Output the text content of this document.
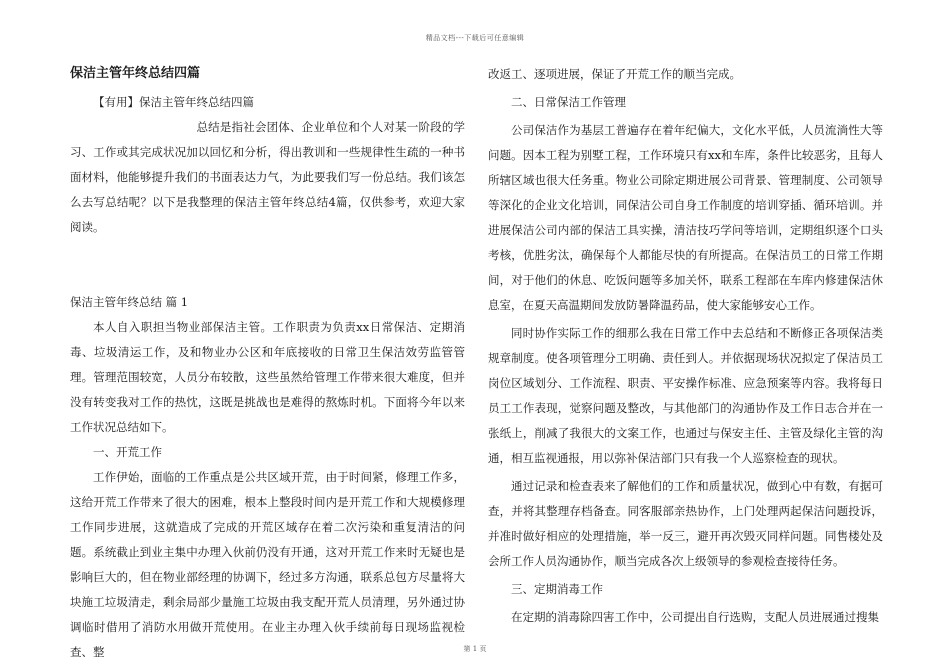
精品文档---下载后可任意编辑
保洁主管年终总结四篇

【有用】保洁主管年终总结四篇

总结是指社会团体、企业单位和个人对某一阶段的学习、工作或其完成状况加以回忆和分析，得出教训和一些规律性生疏的一种书面材料，他能够提升我们的书面表达力气，为此要我们写一份总结。我们该怎么去写总结呢？以下是我整理的保洁主管年终总结4篇，仅供参考，欢迎大家阅读。

保洁主管年终总结 篇 1

本人自入职担当物业部保洁主管。工作职责为负责xx日常保洁、定期消毒、垃圾清运工作，及和物业办公区和年底接收的日常卫生保洁效劳监管管理。管理范围较宽，人员分布较散，这些虽然给管理工作带来很大难度，但并没有转变我对工作的热忱，这既是挑战也是难得的熬炼时机。下面将今年以来工作状况总结如下。

一、开荒工作

工作伊始，面临的工作重点是公共区域开荒，由于时间紧，修理工作多，这给开荒工作带来了很大的困难，根本上整段时间内是开荒工作和大规模修理工作同步进展，这就造成了完成的开荒区域存在着二次污染和重复清洁的问题。系统截止到业主集中办理入伙前仍没有开通，这对开荒工作来时无疑也是影响巨大的，但在物业部经理的协调下，经过多方沟通，联系总包方尽量将大块施工垃圾清走，剩余局部少量施工垃圾由我支配开荒人员清理，另外通过协调临时借用了消防水用做开荒使用。在业主办理入伙手续前每日现场监视检查、整

改返工、逐项进展，保证了开荒工作的顺当完成。

二、日常保洁工作管理

公司保洁作为基层工普遍存在着年纪偏大，文化水平低，人员流淌性大等问题。因本工程为别墅工程，工作环境只有xx和车库，条件比较恶劣，且每人所辖区域也很大任务重。物业公司除定期进展公司背景、管理制度、公司领导等深化的企业文化培训，同保洁公司自身工作制度的培训穿插、循环培训。并进展保洁公司内部的保洁工具实操，清洁技巧学问等培训，定期组织逐个口头考核，优胜劣汰，确保每个人都能尽快的有所提高。在保洁员工的日常工作期间，对于他们的休息、吃饭问题等多加关怀，联系工程部在车库内修建保洁休息室，在夏天高温期间发放防暑降温药品，使大家能够安心工作。

同时协作实际工作的细那么我在日常工作中去总结和不断修正各项保洁类规章制度。使各项管理分工明确、责任到人。并依据现场状况拟定了保洁员工岗位区域划分、工作流程、职责、平安操作标准、应急预案等内容。我将每日员工工作表现，觉察问题及整改，与其他部门的沟通协作及工作日志合并在一张纸上，削减了我很大的文案工作，也通过与保安主任、主管及绿化主管的沟通，相互监视通报，用以弥补保洁部门只有我一个人巡察检查的现状。

通过记录和检查表来了解他们的工作和质量状况，做到心中有数，有据可查，并将其整理存档备查。同客服部亲热协作，上门处理两起保洁问题投诉，并准时做好相应的处理措施，举一反三，避开再次毁灭同样问题。同售楼处及会所工作人员沟通协作，顺当完成各次上级领导的参观检查接待任务。

三、定期消毒工作

在定期的消毒除四害工作中，公司提出自行选购，支配人员进展通过搜集

第 1 页
